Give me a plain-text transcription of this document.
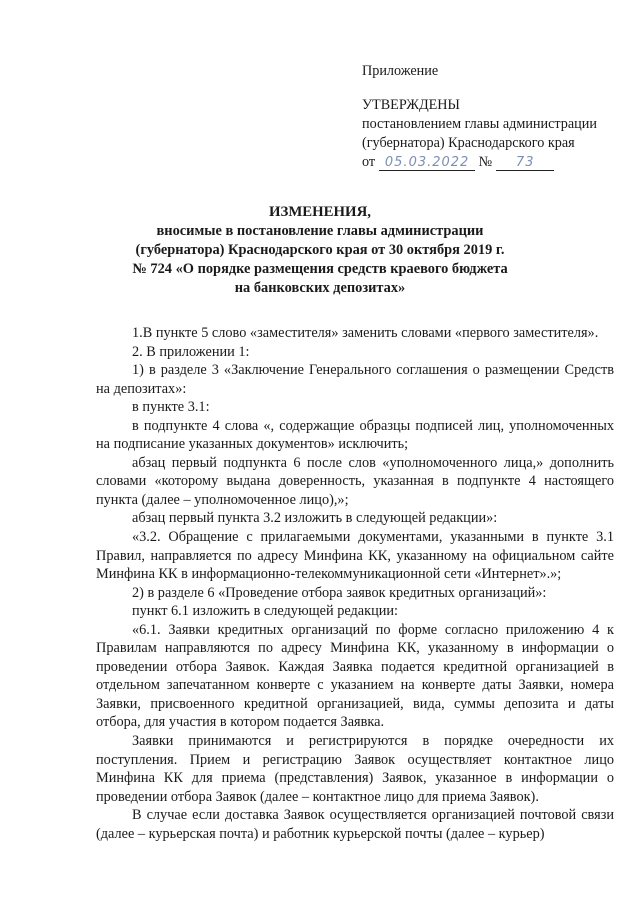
Приложение
УТВЕРЖДЕНЫ
постановлением главы администрации
(губернатора) Краснодарского края
от 05.03.2022 № 73
ИЗМЕНЕНИЯ,
вносимые в постановление главы администрации
(губернатора) Краснодарского края от 30 октября 2019 г.
№ 724 «О порядке размещения средств краевого бюджета
на банковских депозитах»

1.В пункте 5 слово «заместителя» заменить словами «первого заместителя».

2. В приложении 1:

1) в разделе 3 «Заключение Генерального соглашения о размещении Средств на депозитах»:

в пункте 3.1:

в подпункте 4 слова «, содержащие образцы подписей лиц, уполномоченных на подписание указанных документов» исключить;

абзац первый подпункта 6 после слов «уполномоченного лица,» дополнить словами «которому выдана доверенность, указанная в подпункте 4 настоящего пункта (далее – уполномоченное лицо),»;

абзац первый пункта 3.2 изложить в следующей редакции»:

«3.2. Обращение с прилагаемыми документами, указанными в пункте 3.1 Правил, направляется по адресу Минфина КК, указанному на официальном сайте Минфина КК в информационно-телекоммуникационной сети «Интернет».»;

2) в разделе 6 «Проведение отбора заявок кредитных организаций»:

пункт 6.1 изложить в следующей редакции:

«6.1. Заявки кредитных организаций по форме согласно приложению 4 к Правилам направляются по адресу Минфина КК, указанному в информации о проведении отбора Заявок. Каждая Заявка подается кредитной организацией в отдельном запечатанном конверте с указанием на конверте даты Заявки, номера Заявки, присвоенного кредитной организацией, вида, суммы депозита и даты отбора, для участия в котором подается Заявка.

Заявки принимаются и регистрируются в порядке очередности их поступления. Прием и регистрацию Заявок осуществляет контактное лицо Минфина КК для приема (представления) Заявок, указанное в информации о проведении отбора Заявок (далее – контактное лицо для приема Заявок).

В случае если доставка Заявок осуществляется организацией почтовой связи (далее – курьерская почта) и работник курьерской почты (далее – курьер)
